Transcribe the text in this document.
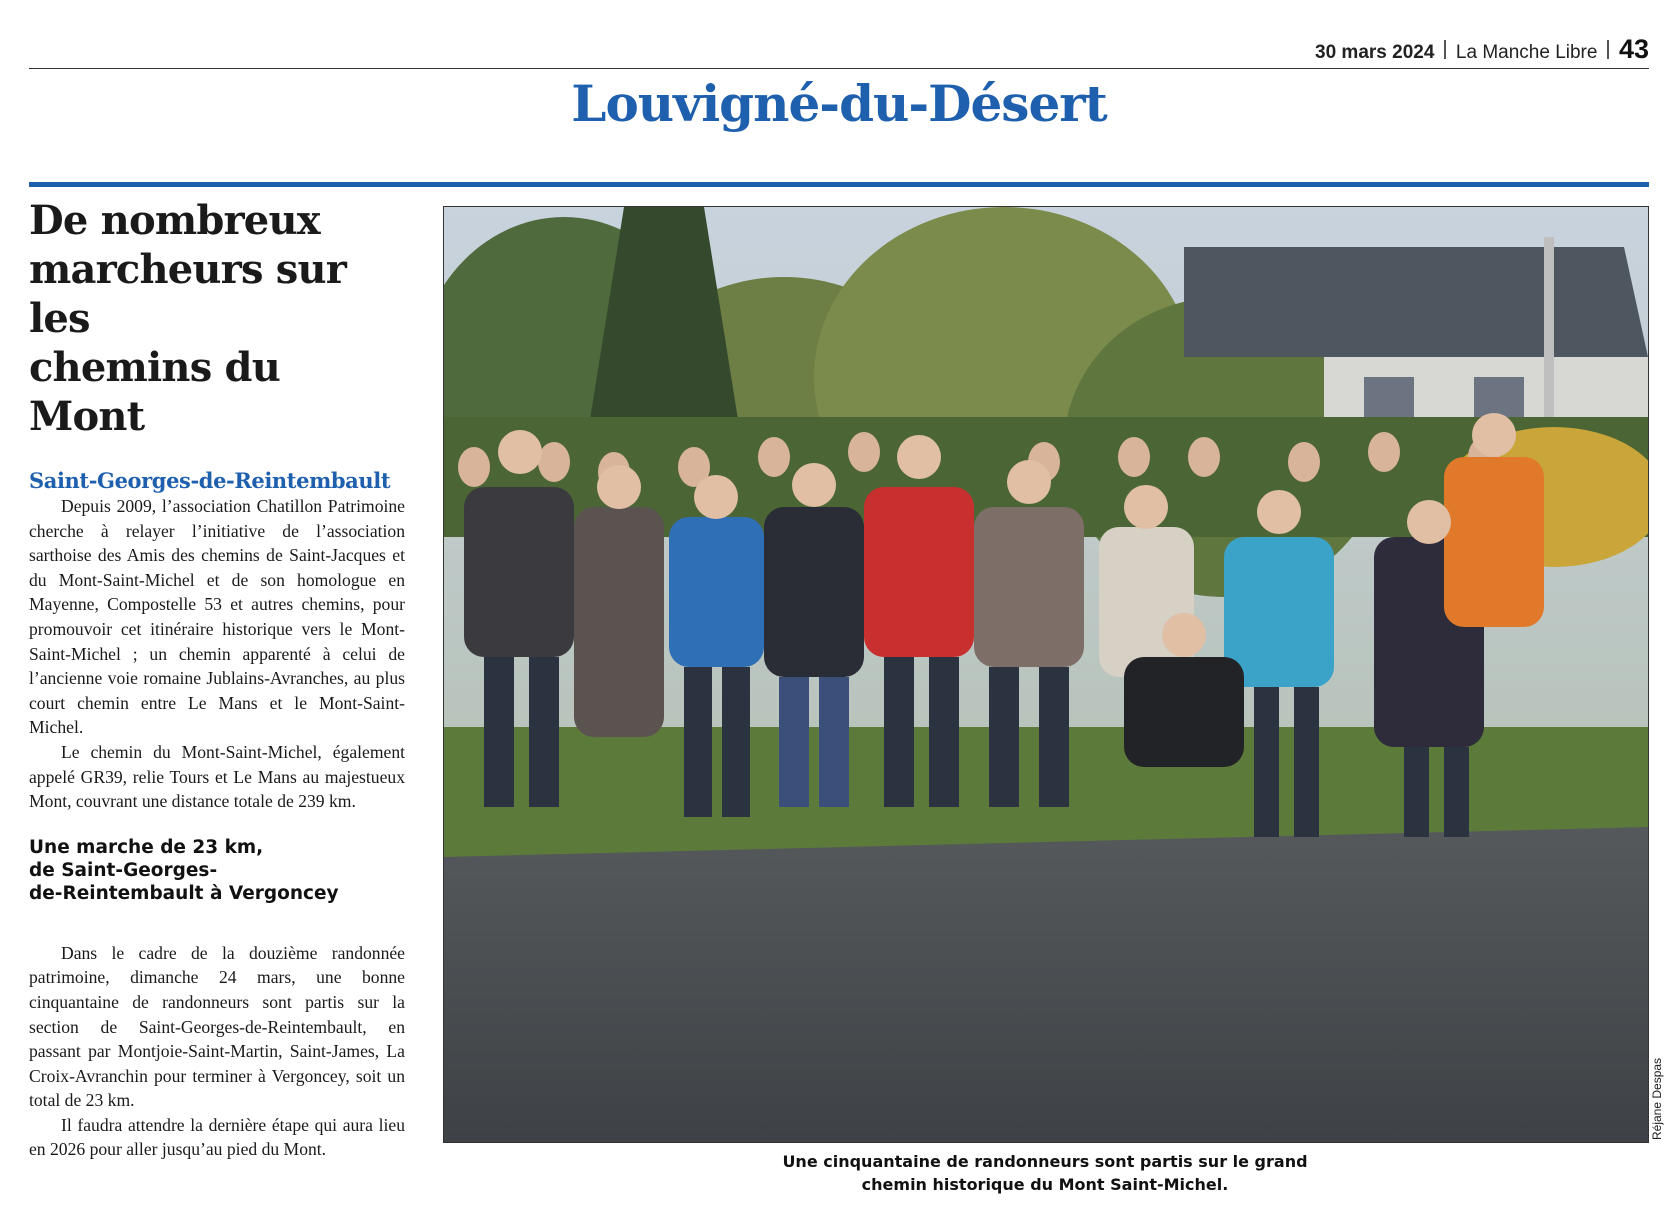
30 mars 2024 La Manche Libre 43
Louvigné-du-Désert
De nombreux
marcheurs sur les
chemins du Mont
Saint-Georges-de-Reintembault

Depuis 2009, l’association Chatillon Patrimoine cherche à relayer l’initiative de l’association sarthoise des Amis des chemins de Saint-Jacques et du Mont-Saint-Michel et de son homologue en Mayenne, Compostelle 53 et autres chemins, pour promouvoir cet itinéraire historique vers le Mont-Saint-Michel ; un chemin apparenté à celui de l’ancienne voie romaine Jublains-Avranches, au plus court chemin entre Le Mans et le Mont-Saint-Michel.

Le chemin du Mont-Saint-Michel, également appelé GR39, relie Tours et Le Mans au majestueux Mont, couvrant une distance totale de 239 km.

Une marche de 23 km,
de Saint-Georges-
de-Reintembault à Vergoncey

Dans le cadre de la douzième randonnée patrimoine, dimanche 24 mars, une bonne cinquantaine de randonneurs sont partis sur la section de Saint-Georges-de-Reintembault, en passant par Montjoie-Saint-Martin, Saint-James, La Croix-Avranchin pour terminer à Vergoncey, soit un total de 23 km.

Il faudra attendre la dernière étape qui aura lieu en 2026 pour aller jusqu’au pied du Mont.

Réjane Despas
Une cinquantaine de randonneurs sont partis sur le grand
chemin historique du Mont Saint-Michel.
